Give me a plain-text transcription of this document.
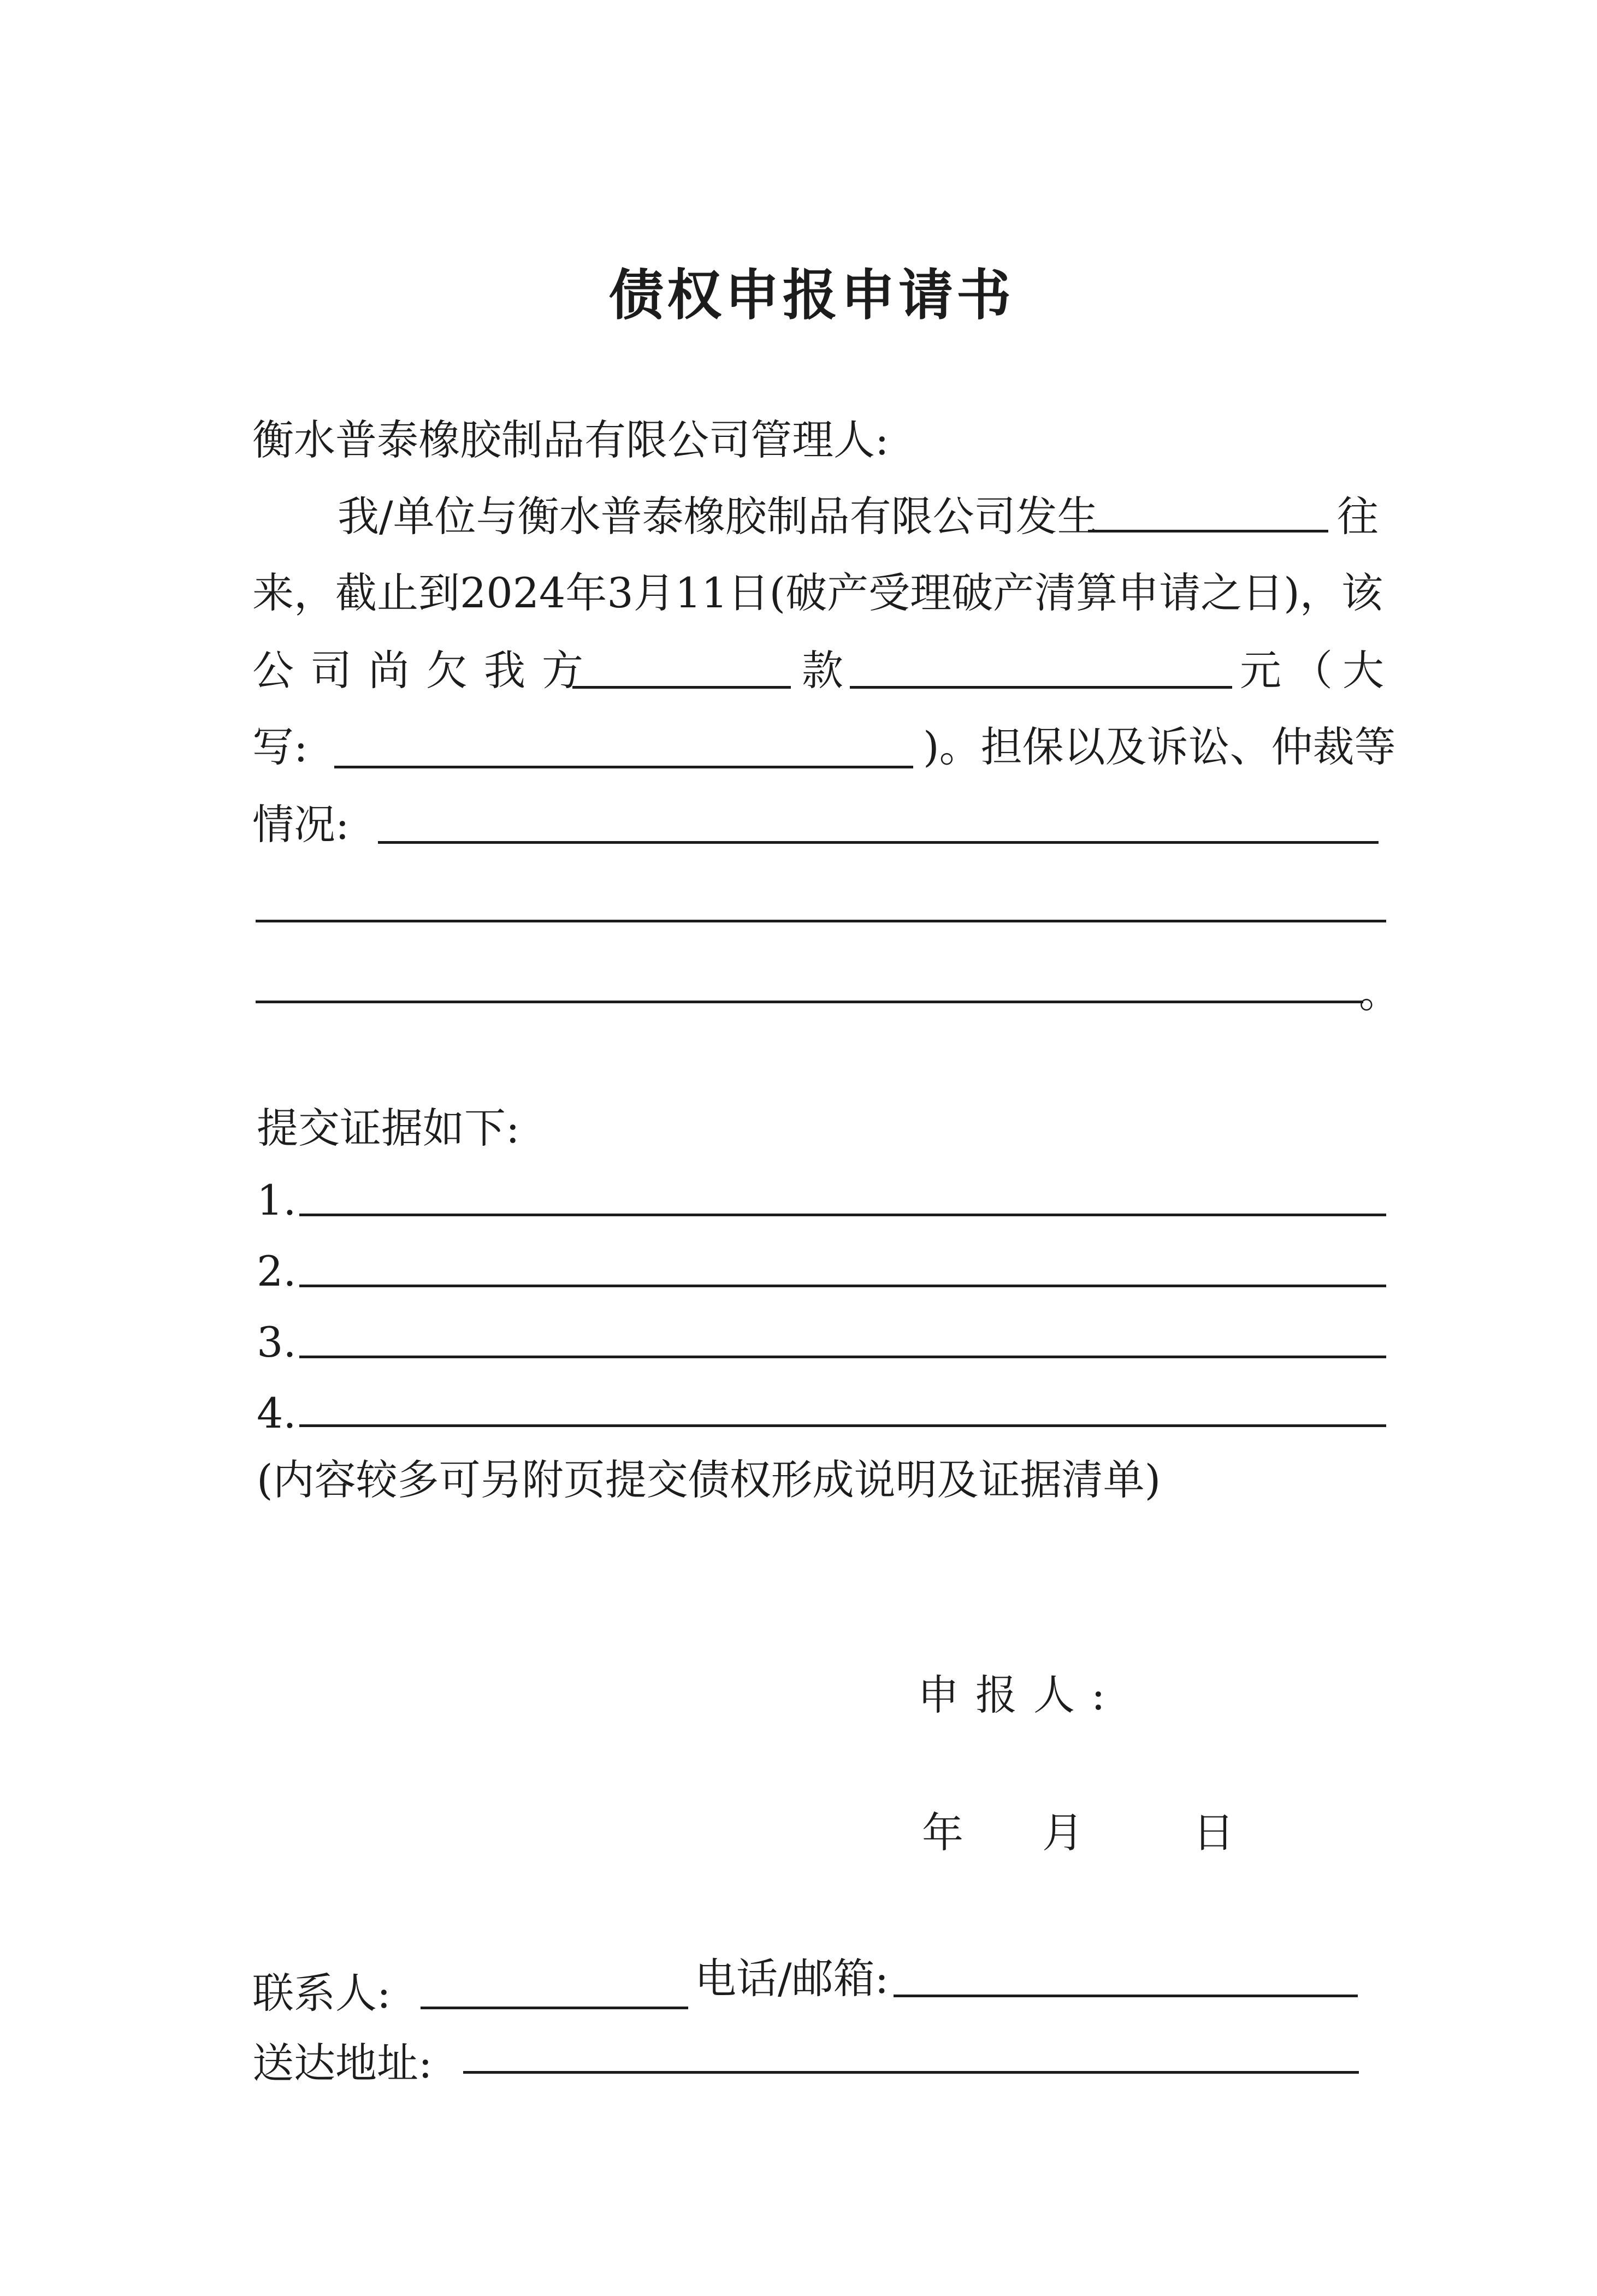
债权申报申请书
衡水普泰橡胶制品有限公司管理人:
我/单位与衡水普泰橡胶制品有限公司发生	往
来，截止到2024年3月11日(破产受理破产清算申请之日)，该
公司尚欠我方	款	元（大
写:	)。担保以及诉讼、仲裁等
情况:
。
提交证据如下:
1.
2.
3.
4.
(内容较多可另附页提交债权形成说明及证据清单)
申报人:
年 月	日
联系人:	电话/邮箱:
送达地址:
